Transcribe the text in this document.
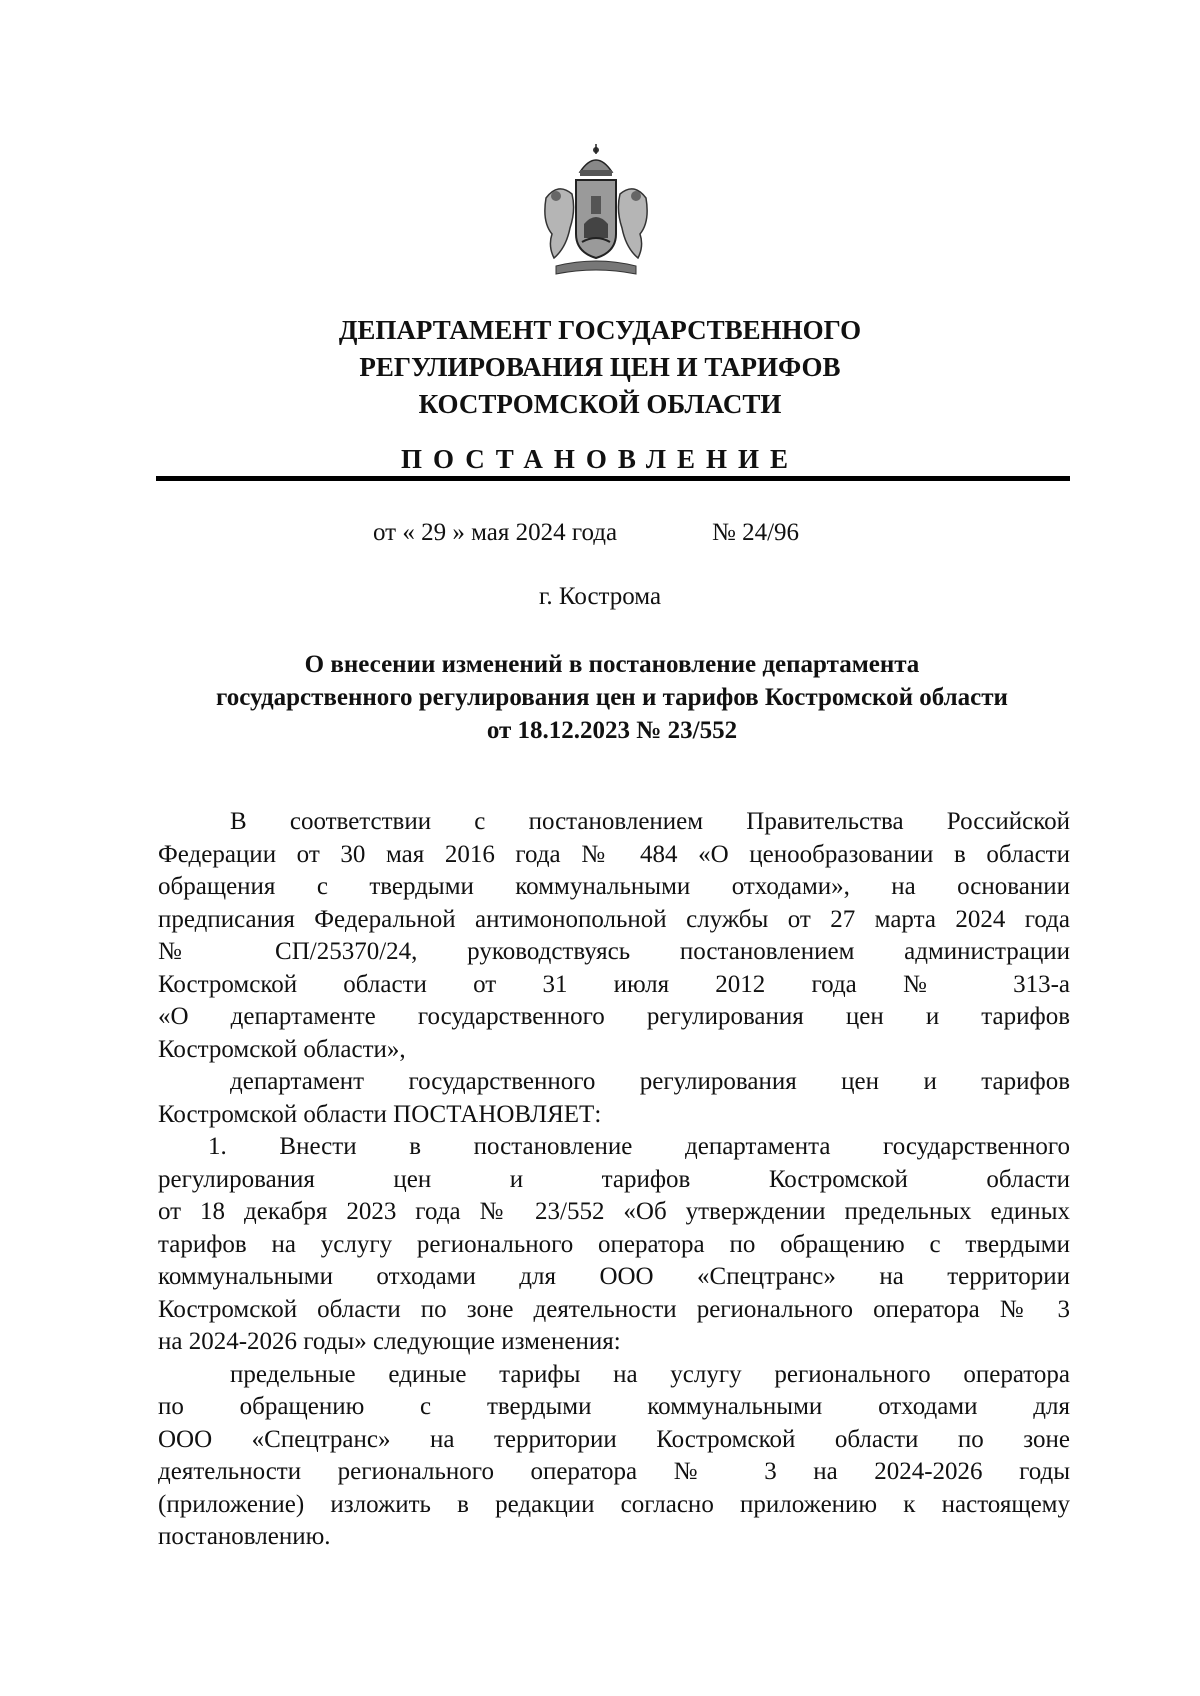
ДЕПАРТАМЕНТ ГОСУДАРСТВЕННОГО
РЕГУЛИРОВАНИЯ ЦЕН И ТАРИФОВ
КОСТРОМСКОЙ ОБЛАСТИ
ПОСТАНОВЛЕНИЕ
от « 29 » мая 2024 года	№ 24/96
г. Кострома
О внесении изменений в постановление департамента
государственного регулирования цен и тарифов Костромской области
от 18.12.2023 № 23/552
В соответствии с постановлением Правительства Российской
Федерации от 30 мая 2016 года № 484 «О ценообразовании в области
обращения с твердыми коммунальными отходами», на основании
предписания Федеральной антимонопольной службы от 27 марта 2024 года
№ СП/25370/24, руководствуясь постановлением администрации
Костромской области от 31 июля 2012 года № 313-а
«О департаменте государственного регулирования цен и тарифов
Костромской области»,
департамент государственного регулирования цен и тарифов
Костромской области ПОСТАНОВЛЯЕТ:
1. Внести в постановление департамента государственного
регулирования цен и тарифов Костромской области
от 18 декабря 2023 года № 23/552 «Об утверждении предельных единых
тарифов на услугу регионального оператора по обращению с твердыми
коммунальными отходами для ООО «Спецтранс» на территории
Костромской области по зоне деятельности регионального оператора № 3
на 2024-2026 годы» следующие изменения:
предельные единые тарифы на услугу регионального оператора
по обращению с твердыми коммунальными отходами для
ООО «Спецтранс» на территории Костромской области по зоне
деятельности регионального оператора № 3 на 2024-2026 годы
(приложение) изложить в редакции согласно приложению к настоящему
постановлению.
